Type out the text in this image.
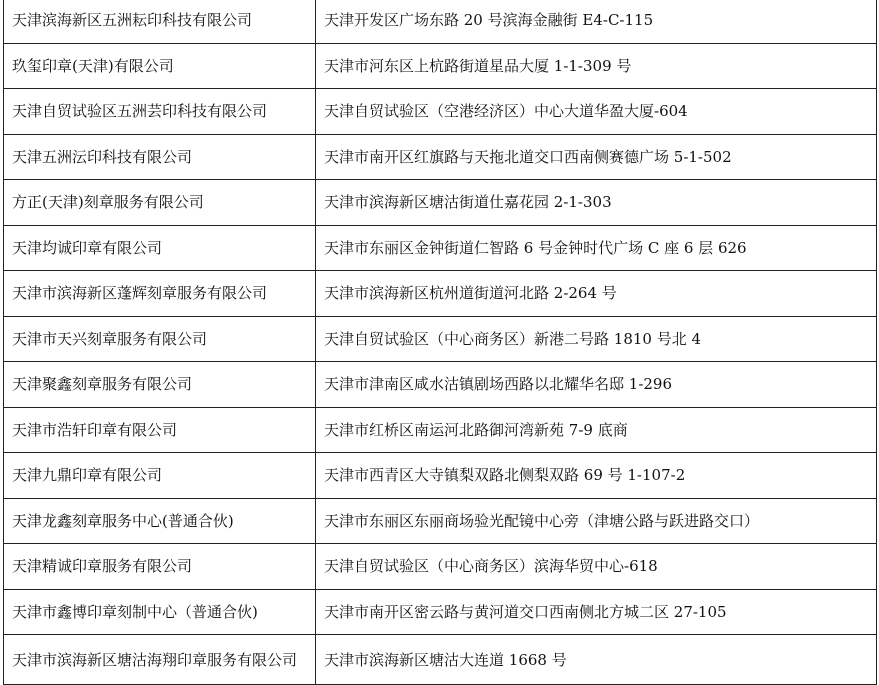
天津滨海新区五洲耘印科技有限公司	天津开发区广场东路 20 号滨海金融街 E4-C-115
玖玺印章(天津)有限公司	天津市河东区上杭路街道星品大厦 1-1-309 号
天津自贸试验区五洲芸印科技有限公司	天津自贸试验区（空港经济区）中心大道华盈大厦-604
天津五洲沄印科技有限公司	天津市南开区红旗路与天拖北道交口西南侧赛德广场 5-1-502
方正(天津)刻章服务有限公司	天津市滨海新区塘沽街道仕嘉花园 2-1-303
天津均诚印章有限公司	天津市东丽区金钟街道仁智路 6 号金钟时代广场 C 座 6 层 626
天津市滨海新区蓬辉刻章服务有限公司	天津市滨海新区杭州道街道河北路 2-264 号
天津市天兴刻章服务有限公司	天津自贸试验区（中心商务区）新港二号路 1810 号北 4
天津聚鑫刻章服务有限公司	天津市津南区咸水沽镇剧场西路以北耀华名邸 1-296
天津市浩轩印章有限公司	天津市红桥区南运河北路御河湾新苑 7-9 底商
天津九鼎印章有限公司	天津市西青区大寺镇梨双路北侧梨双路 69 号 1-107-2
天津龙鑫刻章服务中心(普通合伙)	天津市东丽区东丽商场验光配镜中心旁（津塘公路与跃进路交口）
天津精诚印章服务有限公司	天津自贸试验区（中心商务区）滨海华贸中心-618
天津市鑫博印章刻制中心（普通合伙)	天津市南开区密云路与黄河道交口西南侧北方城二区 27-105
天津市滨海新区塘沽海翔印章服务有限公司	天津市滨海新区塘沽大连道 1668 号
